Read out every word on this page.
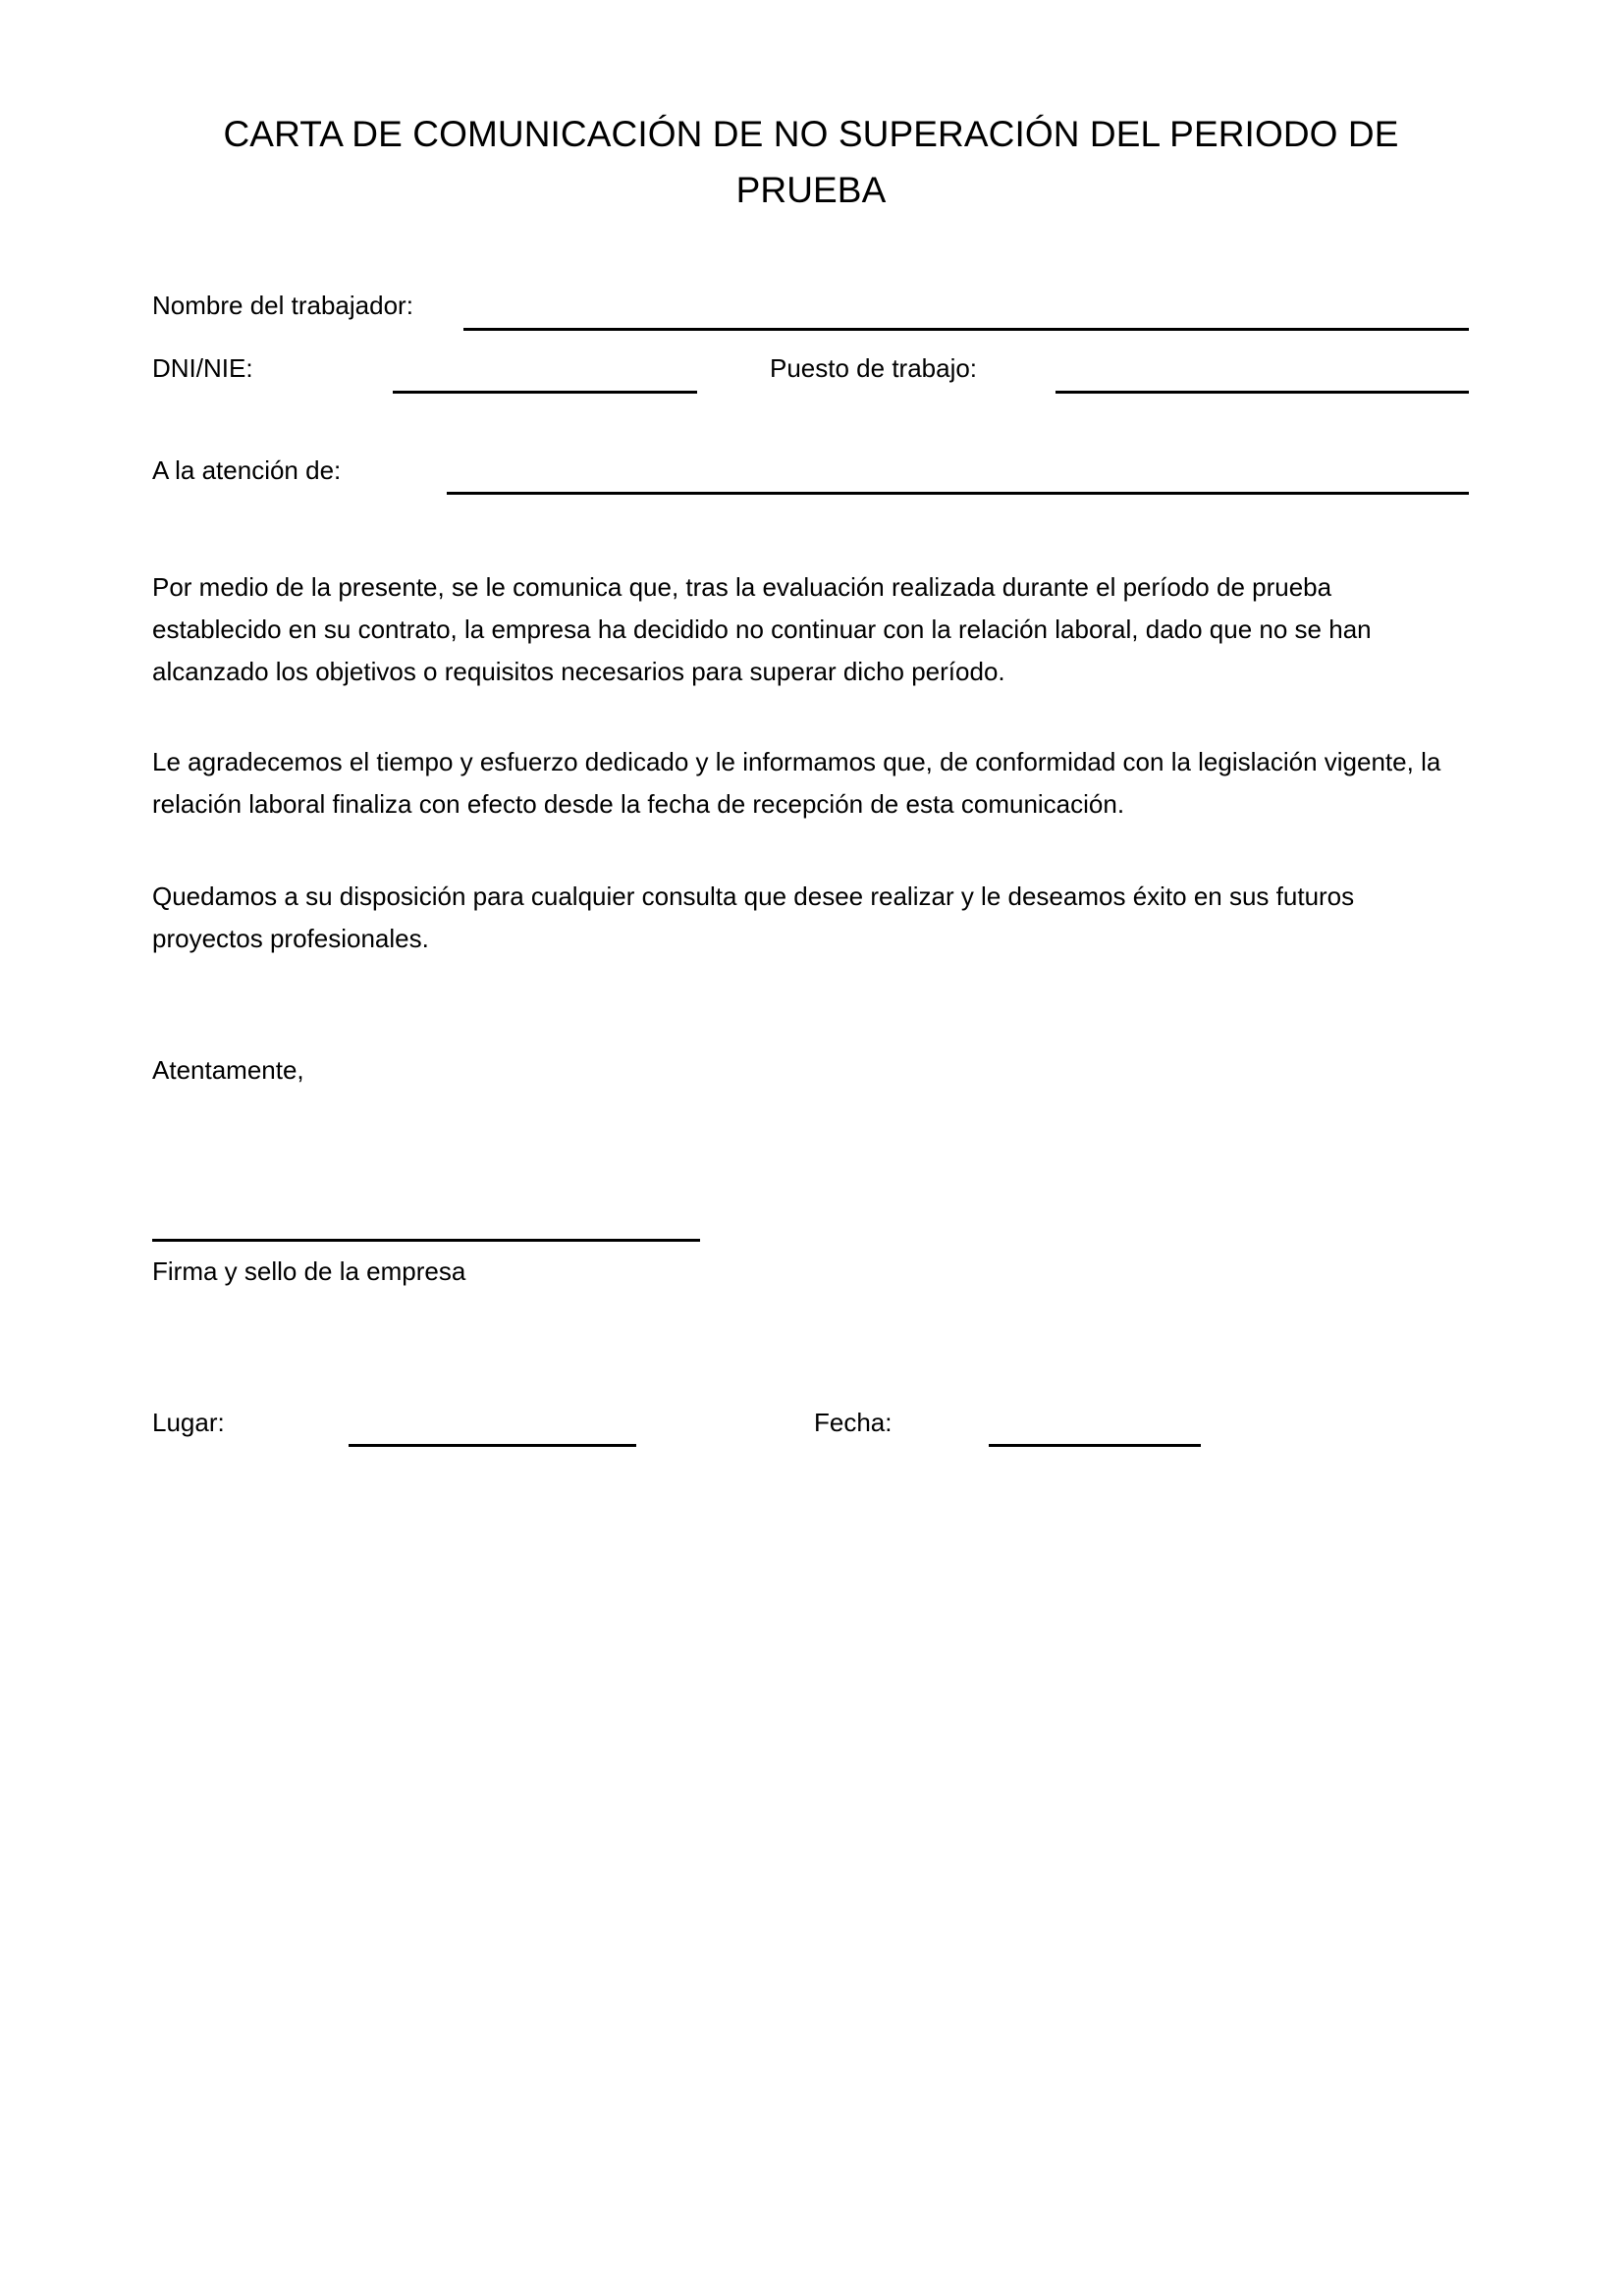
CARTA DE COMUNICACIÓN DE NO SUPERACIÓN DEL PERIODO DE PRUEBA
Nombre del trabajador:
DNI/NIE:	Puesto de trabajo:
A la atención de:
Por medio de la presente, se le comunica que, tras la evaluación realizada durante el período de prueba establecido en su contrato, la empresa ha decidido no continuar con la relación laboral, dado que no se han alcanzado los objetivos o requisitos necesarios para superar dicho período.
Le agradecemos el tiempo y esfuerzo dedicado y le informamos que, de conformidad con la legislación vigente, la relación laboral finaliza con efecto desde la fecha de recepción de esta comunicación.
Quedamos a su disposición para cualquier consulta que desee realizar y le deseamos éxito en sus futuros proyectos profesionales.
Atentamente,
Firma y sello de la empresa
Lugar:	Fecha:
